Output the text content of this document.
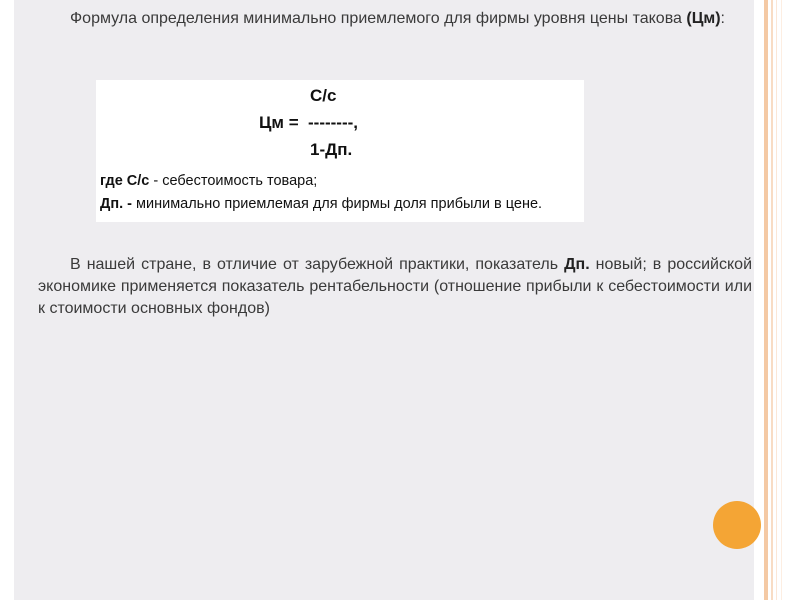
  Формула определения минимально приемлемого для фирмы уровня цены такова (Цм):

С/с
Цм = --------,
1-Дп.
где С/с - себестоимость товара;
Дп. - минимально приемлемая для фирмы доля прибыли в цене.

  В нашей стране, в отличие от зарубежной практики, показатель Дп. новый; в российской экономике применяется показатель рентабельности (отношение прибыли к себестоимости или к стоимости основных фондов)
